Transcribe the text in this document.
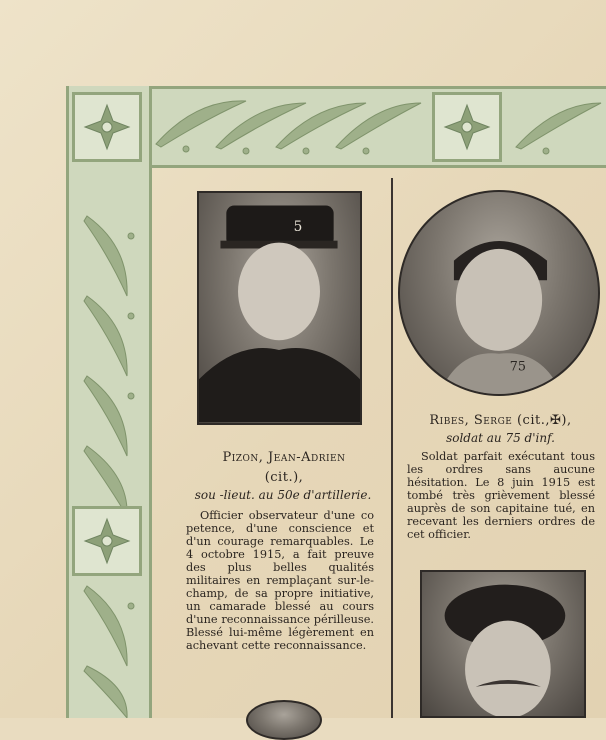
5
Pizon, Jean-Adrien
(cit.),
sou -lieut. au 50e d'artillerie.

Officier observateur d'une co petence, d'une conscience et d'un courage remarquables. Le 4 octobre 1915, a fait preuve des plus belles qualités militaires en remplaçant sur-le-champ, de sa propre initiative, un camarade blessé au cours d'une reconnaissance périlleuse. Blessé lui-même légèrement en achevant cette reconnaissance.

75
Ribes, Serge (cit.,✠),
soldat au 75 d'inf.

Soldat parfait exécutant tous les ordres sans aucune hésitation. Le 8 juin 1915 est tombé très grièvement blessé auprès de son capitaine tué, en recevant les derniers ordres de cet officier.
